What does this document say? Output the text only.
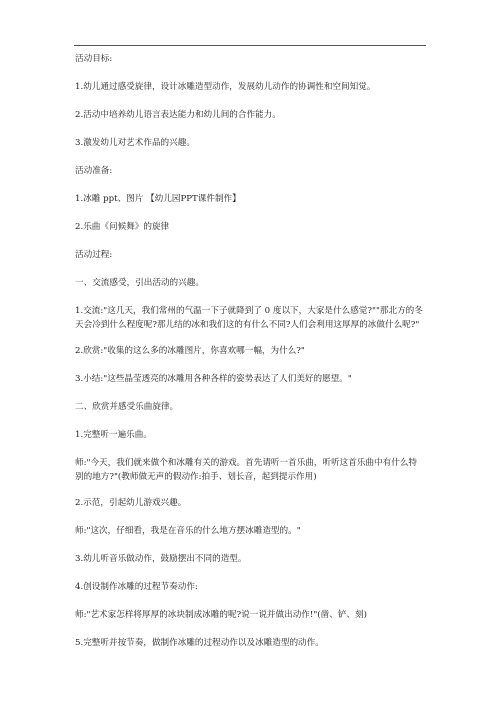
活动目标:

1.幼儿通过感受旋律，设计冰雕造型动作，发展幼儿动作的协调性和空间知觉。

2.活动中培养幼儿语言表达能力和幼儿间的合作能力。

3.激发幼儿对艺术作品的兴趣。

活动准备:

1.冰雕 ppt、图片 【幼儿园PPT课件制作】

2.乐曲《问候舞》的旋律

活动过程:

一、交流感受，引出活动的兴趣。

1.交流:"这几天，我们常州的气温一下子就降到了 0 度以下，大家是什么感觉?""那北方的冬天会冷到什么程度呢?那儿结的冰和我们这的有什么不同?人们会利用这厚厚的冰做什么呢?"

2.欣赏:"收集的这么多的冰雕图片，你喜欢哪一幅，为什么?"

3.小结:"这些晶莹透亮的冰雕用各种各样的姿势表达了人们美好的愿望。"

二、欣赏并感受乐曲旋律。

1.完整听一遍乐曲。

师:"今天，我们就来做个和冰雕有关的游戏。首先请听一首乐曲，听听这首乐曲中有什么特别的地方?"(教师做无声的假动作:拍手、划长音，起到提示作用)

2.示范，引起幼儿游戏兴趣。

师:"这次，仔细看，我是在音乐的什么地方摆冰雕造型的。"

3.幼儿听音乐做动作，鼓励摆出不同的造型。

4.创设制作冰雕的过程节奏动作:

师:"艺术家怎样将厚厚的冰块制成冰雕的呢?说一说并做出动作!"(凿、铲、刻)

5.完整听并按节奏，做制作冰雕的过程动作以及冰雕造型的动作。
